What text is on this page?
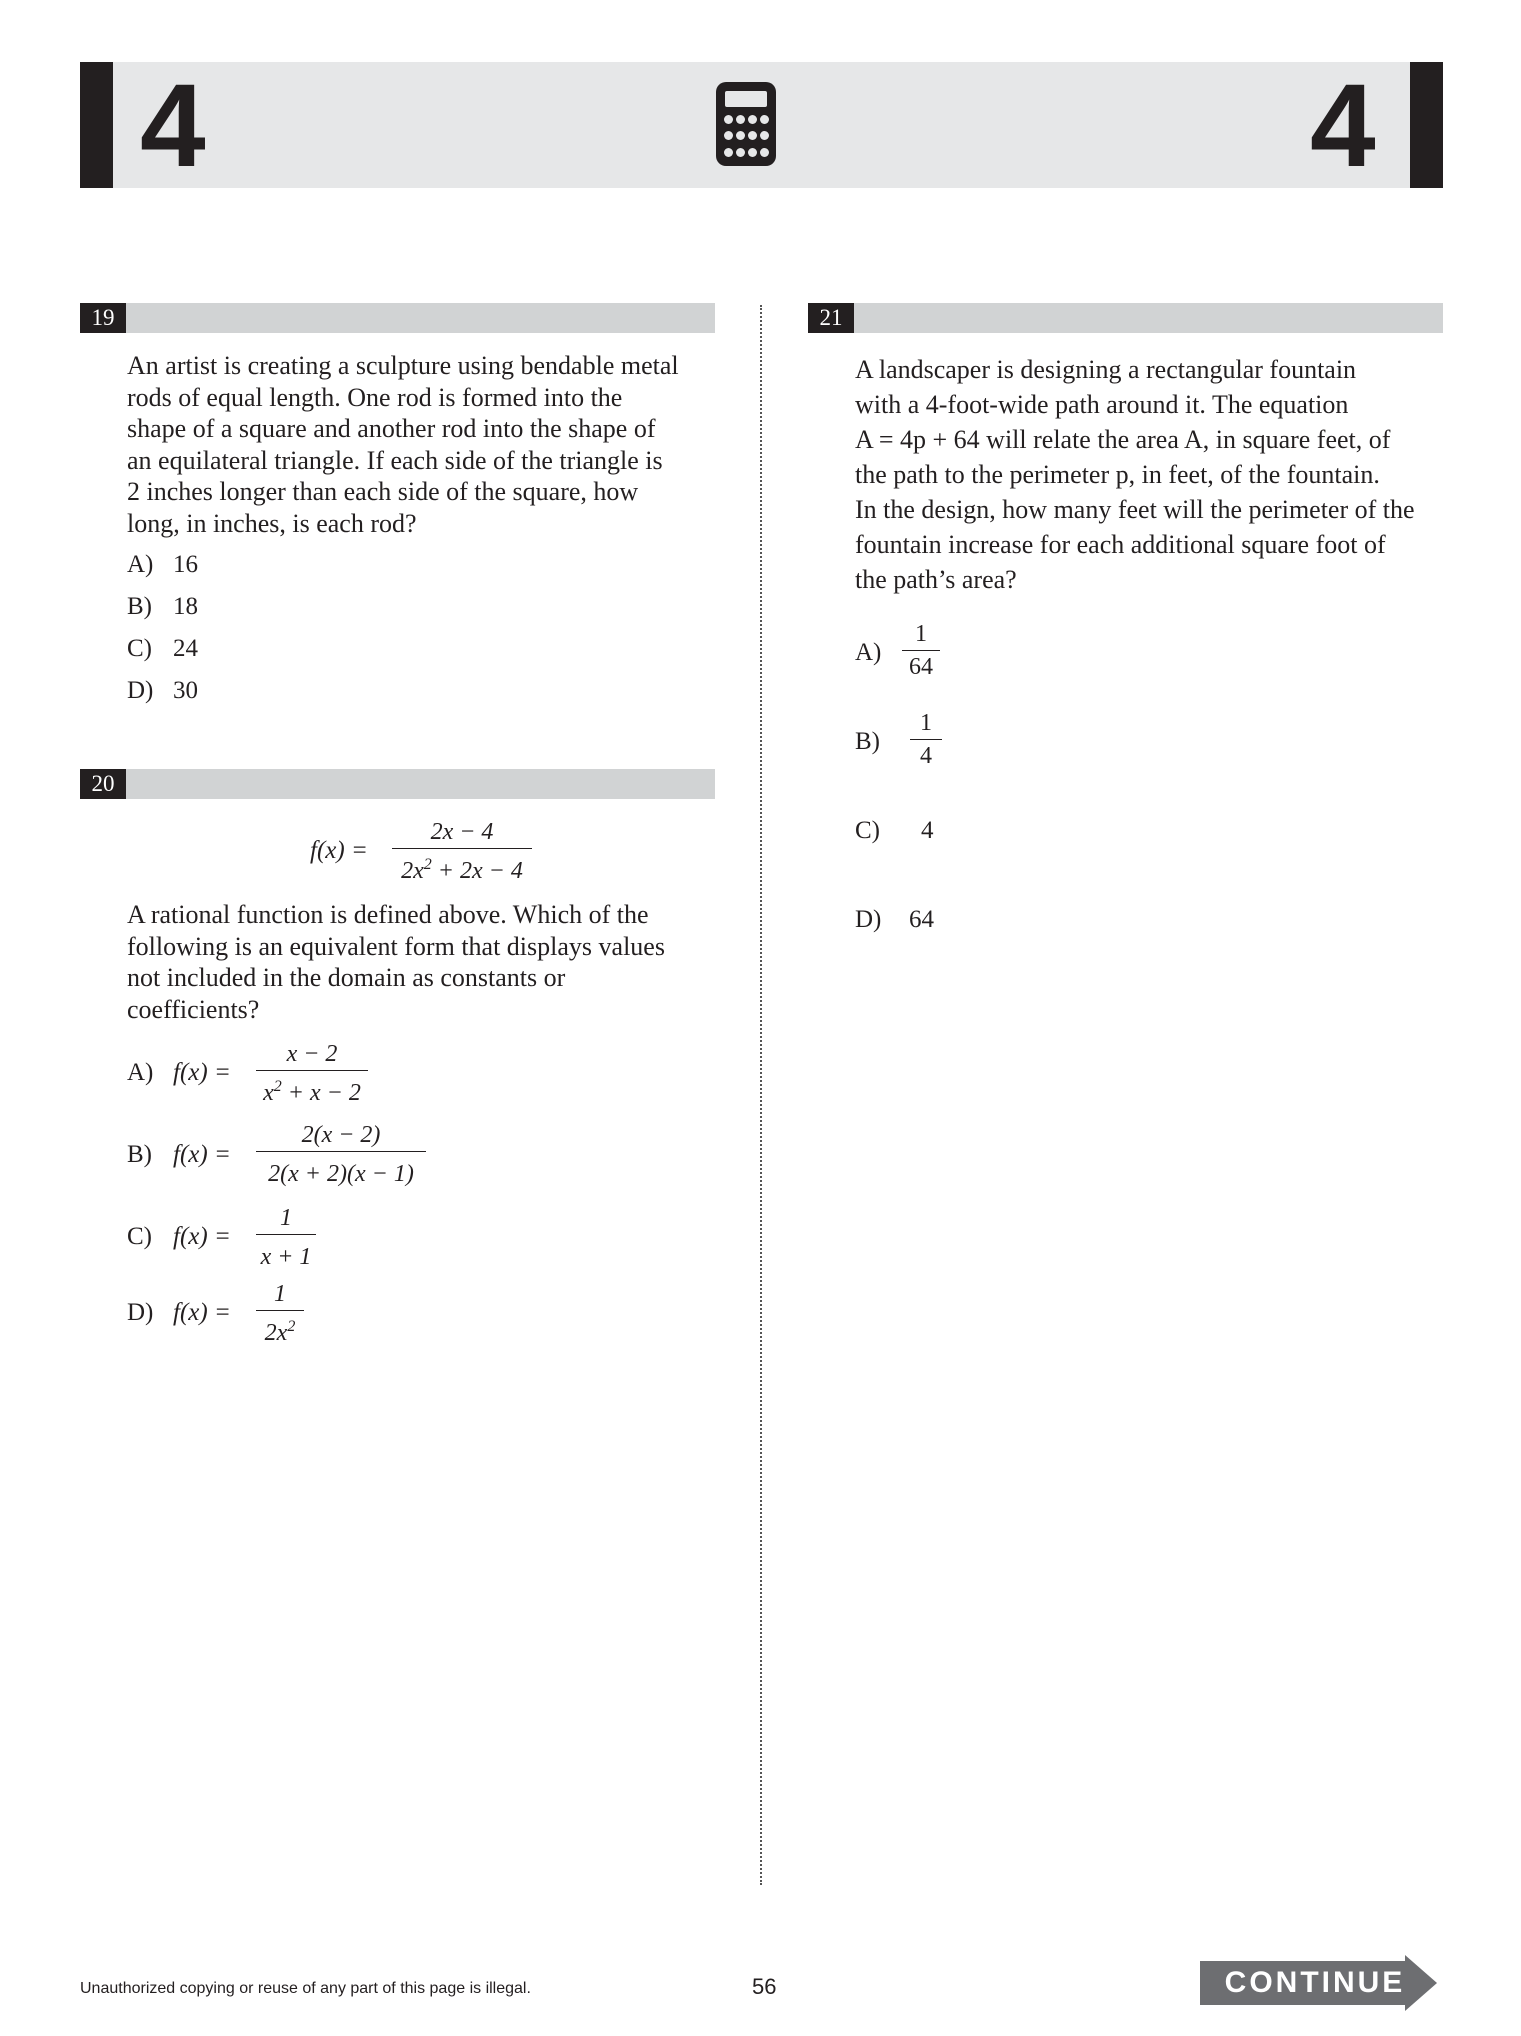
4	4
19
An artist is creating a sculpture using bendable metal
rods of equal length. One rod is formed into the
shape of a square and another rod into the shape of
an equilateral triangle. If each side of the triangle is
2 inches longer than each side of the square, how
long, in inches, is each rod?
A) 16
B) 18
C) 24
D) 30
20
$f(x) = \frac{2x - 4}{2x^2 + 2x - 4}$
A rational function is defined above. Which of the
following is an equivalent form that displays values
not included in the domain as constants or
coefficients?
A) $f(x) = \frac{x - 2}{x^2 + x - 2}$
B) $f(x) = \frac{2(x - 2)}{2(x + 2)(x - 1)}$
C) $f(x) = \frac{1}{x + 1}$
D) $f(x) = \frac{1}{2x^2}$
21
A landscaper is designing a rectangular fountain
with a 4-foot-wide path around it. The equation
A = 4p + 64 will relate the area A, in square feet, of
the path to the perimeter p, in feet, of the fountain.
In the design, how many feet will the perimeter of the
fountain increase for each additional square foot of
the path’s area?
$A) \frac{1}{64}$
B)	$\frac{1}{4}$
C) 4
D) 64
Unauthorized copying or reuse of any part of this page is illegal.	56	CONTINUE
